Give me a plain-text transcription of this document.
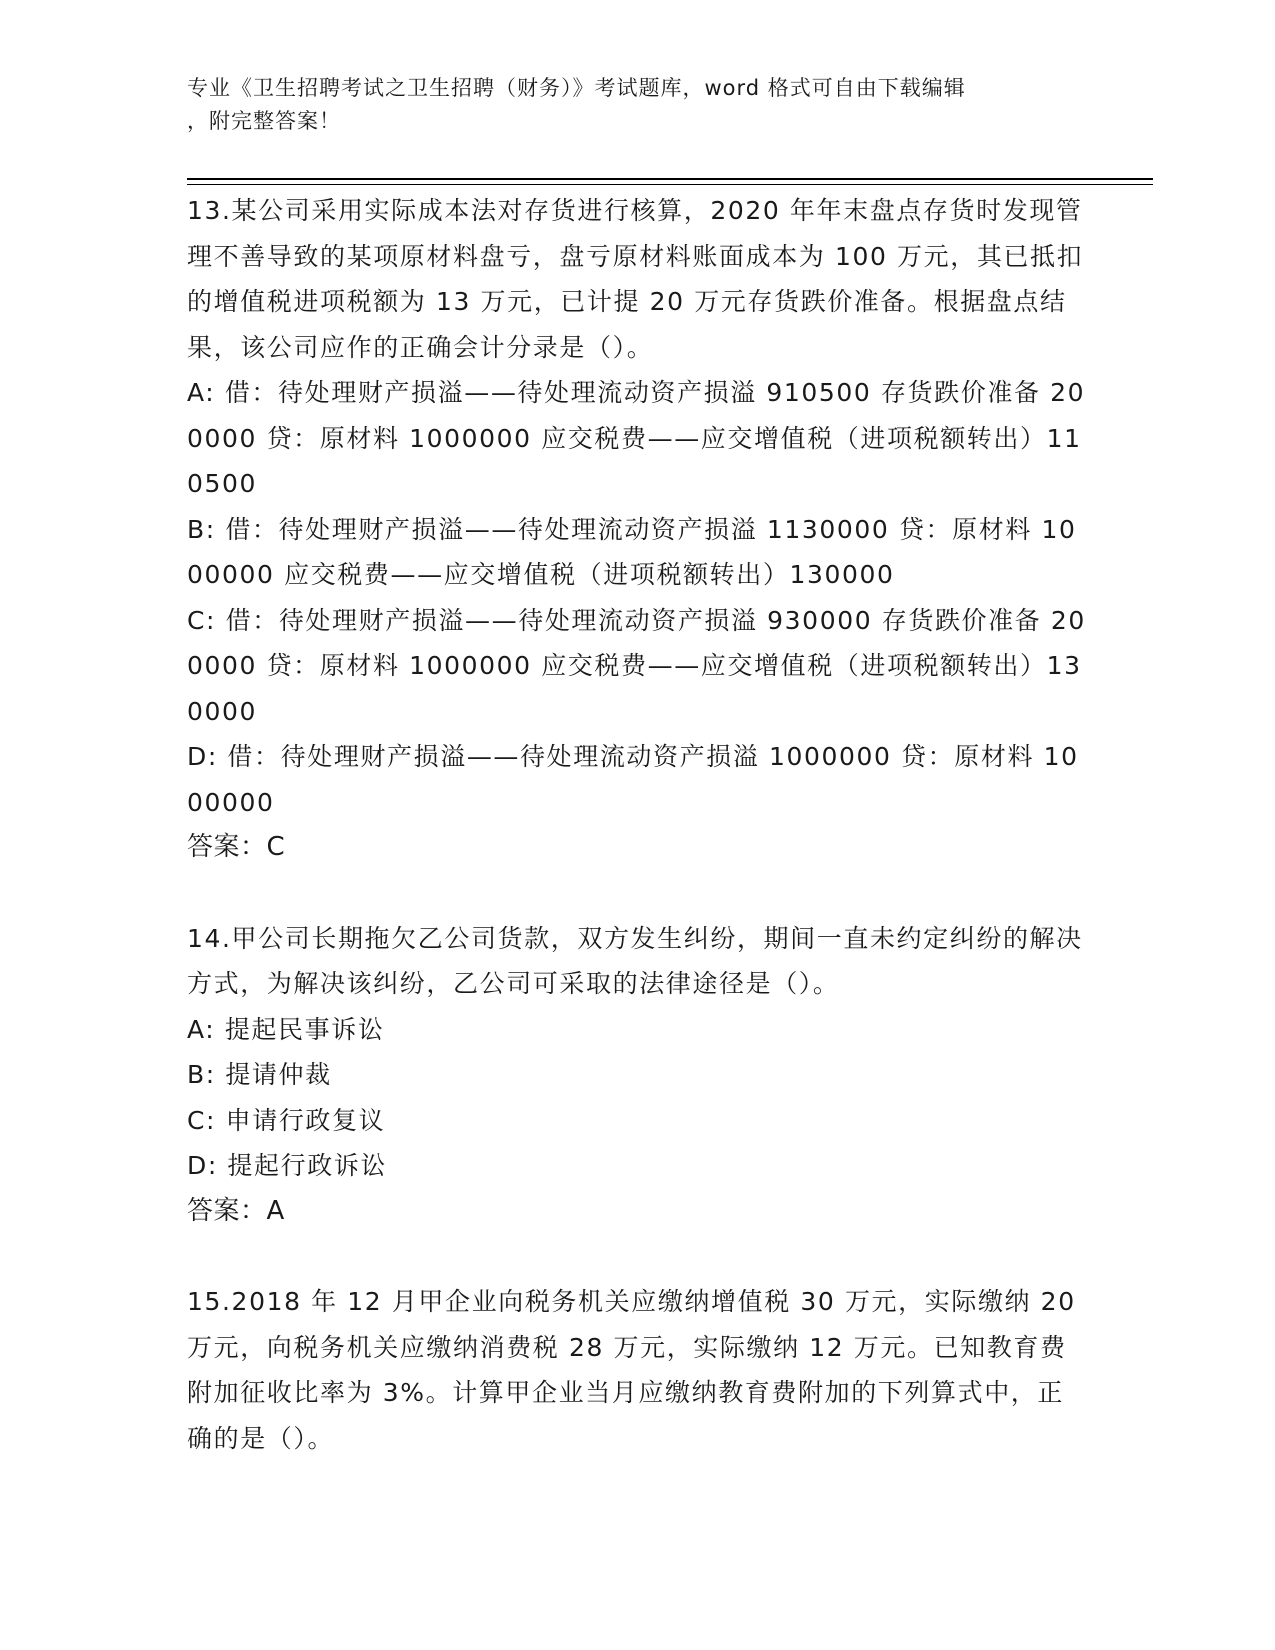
专业《卫生招聘考试之卫生招聘（财务）》考试题库，word 格式可自由下载编辑
，附完整答案！

13.某公司采用实际成本法对存货进行核算，2020 年年末盘点存货时发现管理不善导致的某项原材料盘亏，盘亏原材料账面成本为 100 万元，其已抵扣的增值税进项税额为 13 万元，已计提 20 万元存货跌价准备。根据盘点结果，该公司应作的正确会计分录是（）。

A: 借：待处理财产损溢——待处理流动资产损溢 910500 存货跌价准备 200000 贷：原材料 1000000 应交税费——应交增值税（进项税额转出）110500

B: 借：待处理财产损溢——待处理流动资产损溢 1130000 贷：原材料 1000000 应交税费——应交增值税（进项税额转出）130000

C: 借：待处理财产损溢——待处理流动资产损溢 930000 存货跌价准备 200000 贷：原材料 1000000 应交税费——应交增值税（进项税额转出）130000

D: 借：待处理财产损溢——待处理流动资产损溢 1000000 贷：原材料 1000000

答案：C

14.甲公司长期拖欠乙公司货款，双方发生纠纷，期间一直未约定纠纷的解决方式，为解决该纠纷，乙公司可采取的法律途径是（）。

A: 提起民事诉讼

B: 提请仲裁

C: 申请行政复议

D: 提起行政诉讼

答案：A

15.2018 年 12 月甲企业向税务机关应缴纳增值税 30 万元，实际缴纳 20 万元，向税务机关应缴纳消费税 28 万元，实际缴纳 12 万元。已知教育费附加征收比率为 3%。计算甲企业当月应缴纳教育费附加的下列算式中，正确的是（）。
